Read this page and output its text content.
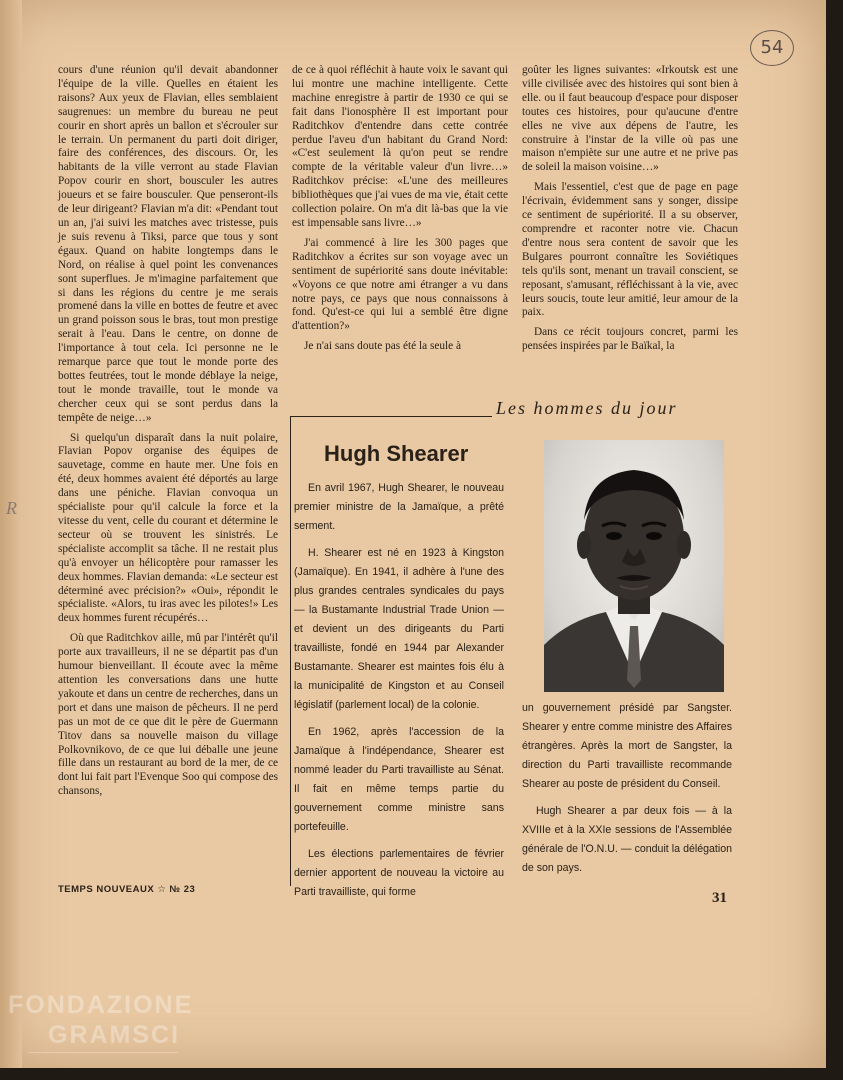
54

cours d'une réunion qu'il devait abandonner l'équipe de la ville. Quelles en étaient les raisons? Aux yeux de Flavian, elles semblaient saugrenues: un membre du bureau ne peut courir en short après un ballon et s'écrouler sur le terrain. Un permanent du parti doit diriger, faire des conférences, des discours. Or, les habitants de la ville verront au stade Flavian Popov courir en short, bousculer les autres joueurs et se faire bousculer. Que penseront-ils de leur dirigeant? Flavian m'a dit: «Pendant tout un an, j'ai suivi les matches avec tristesse, puis je suis revenu à Tiksi, parce que tous y sont égaux. Quand on habite longtemps dans le Nord, on réalise à quel point les convenances sont superflues. Je m'imagine parfaitement que si dans les régions du centre je me serais promené dans la ville en bottes de feutre et avec un grand poisson sous le bras, tout mon prestige serait à l'eau. Dans le centre, on donne de l'importance à tout cela. Ici personne ne le remarque parce que tout le monde porte des bottes feutrées, tout le monde déblaye la neige, tout le monde travaille, tout le monde va chercher ceux qui se sont perdus dans la tempête de neige…»

Si quelqu'un disparaît dans la nuit polaire, Flavian Popov organise des équipes de sauvetage, comme en haute mer. Une fois en été, deux hommes avaient été déportés au large dans une péniche. Flavian convoqua un spécialiste pour qu'il calcule la force et la vitesse du vent, celle du courant et détermine le secteur où se trouvent les sinistrés. Le spécialiste accomplit sa tâche. Il ne restait plus qu'à envoyer un hélicoptère pour ramasser les deux hommes. Flavian demanda: «Le secteur est déterminé avec précision?» «Oui», répondit le spécialiste. «Alors, tu iras avec les pilotes!» Les deux hommes furent récupérés…

Où que Raditchkov aille, mû par l'intérêt qu'il porte aux travailleurs, il ne se départit pas d'un humour bienveillant. Il écoute avec la même attention les conversations dans une hutte yakoute et dans un centre de recherches, dans un port et dans une maison de pêcheurs. Il ne perd pas un mot de ce que dit le père de Guermann Titov dans sa nouvelle maison du village Polkovnikovo, de ce que lui déballe une jeune fille dans un restaurant au bord de la mer, de ce dont lui fait part l'Evenque Soo qui compose des chansons,

de ce à quoi réfléchit à haute voix le savant qui lui montre une machine intelligente. Cette machine enregistre à partir de 1930 ce qui se fait dans l'ionosphère Il est important pour Raditchkov d'entendre dans cette contrée perdue l'aveu d'un habitant du Grand Nord: «C'est seulement là qu'on peut se rendre compte de la véritable valeur d'un livre…» Raditchkov précise: «L'une des meilleures bibliothèques que j'ai vues de ma vie, était cette collection polaire. On m'a dit là-bas que la vie est impensable sans livre…»

J'ai commencé à lire les 300 pages que Raditchkov a écrites sur son voyage avec un sentiment de supériorité sans doute inévitable: «Voyons ce que notre ami étranger a vu dans notre pays, ce pays que nous connaissons à fond. Qu'est-ce qui lui a semblé être digne d'attention?»

Je n'ai sans doute pas été la seule à

goûter les lignes suivantes: «Irkoutsk est une ville civilisée avec des histoires qui sont bien à elle. ou il faut beaucoup d'espace pour disposer toutes ces histoires, pour qu'aucune d'entre elles ne vive aux dépens de l'autre, les construire à l'instar de la ville où pas une maison n'empiète sur une autre et ne prive pas de soleil la maison voisine…»

Mais l'essentiel, c'est que de page en page l'écrivain, évidemment sans y songer, dissipe ce sentiment de supériorité. Il a su observer, comprendre et raconter notre vie. Chacun d'entre nous sera content de savoir que les Bulgares pourront connaître les Soviétiques tels qu'ils sont, menant un travail conscient, se reposant, s'amusant, réfléchissant à la vie, avec leurs soucis, toute leur amitié, leur amour de la paix.

Dans ce récit toujours concret, parmi les pensées inspirées par le Baïkal, la

Les hommes du jour
Hugh Shearer

En avril 1967, Hugh Shearer, le nouveau premier ministre de la Jamaïque, a prêté serment.

H. Shearer est né en 1923 à Kingston (Jamaïque). En 1941, il adhère à l'une des plus grandes centrales syndicales du pays — la Bustamante Industrial Trade Union — et devient un des dirigeants du Parti travailliste, fondé en 1944 par Alexander Bustamante. Shearer est maintes fois élu à la municipalité de Kingston et au Conseil législatif (parlement local) de la colonie.

En 1962, après l'accession de la Jamaïque à l'indépendance, Shearer est nommé leader du Parti travailliste au Sénat. Il fait en même temps partie du gouvernement comme ministre sans portefeuille.

Les élections parlementaires de février dernier apportent de nouveau la victoire au Parti travailliste, qui forme

un gouvernement présidé par Sangster. Shearer y entre comme ministre des Affaires étrangères. Après la mort de Sangster, la direction du Parti travailliste recommande Shearer au poste de président du Conseil.

Hugh Shearer a par deux fois — à la XVIIIe et à la XXIe sessions de l'Assemblée générale de l'O.N.U. — conduit la délégation de son pays.

TEMPS NOUVEAUX ☆ № 23
31
R
FONDAZIONE
GRAMSCI
